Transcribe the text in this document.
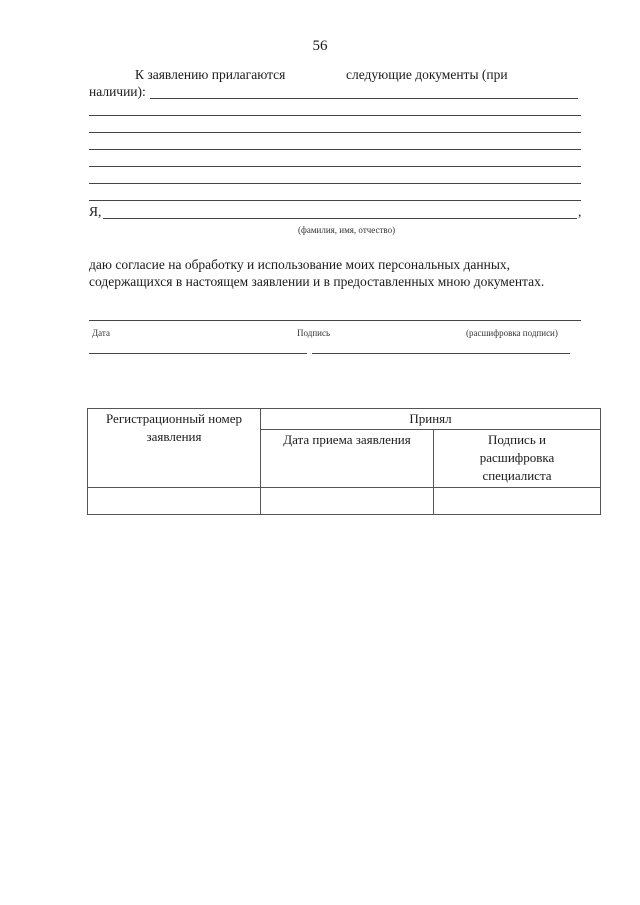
56
К заявлению прилагаются	следующие документы (при
наличии):
Я,	,
(фамилия, имя, отчество)
даю согласие на обработку и использование моих персональных данных, содержащихся в настоящем заявлении и в предоставленных мною документах.
Дата	Подпись	(расшифровка подписи)
Регистрационный номер заявления	Принял	
	Дата приема заявления	Подпись и расшифровка специалиста
